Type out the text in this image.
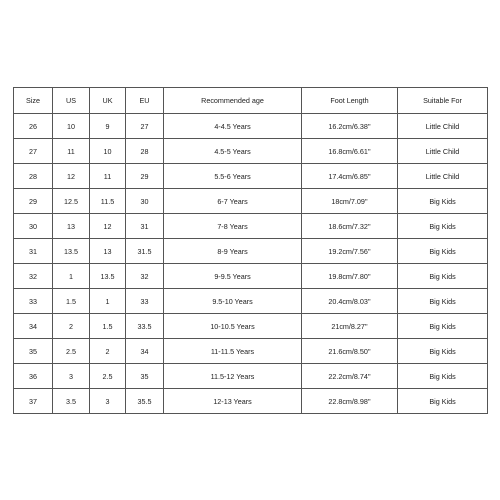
Size	US	UK	EU	Recommended age	Foot Length	Suitable For
26	10	9	27	4-4.5 Years	16.2cm/6.38''	Little Child
27	11	10	28	4.5-5 Years	16.8cm/6.61''	Little Child
28	12	11	29	5.5-6 Years	17.4cm/6.85''	Little Child
29	12.5	11.5	30	6-7 Years	18cm/7.09''	Big Kids
30	13	12	31	7-8 Years	18.6cm/7.32''	Big Kids
31	13.5	13	31.5	8-9 Years	19.2cm/7.56''	Big Kids
32	1	13.5	32	9-9.5 Years	19.8cm/7.80''	Big Kids
33	1.5	1	33	9.5-10 Years	20.4cm/8.03''	Big Kids
34	2	1.5	33.5	10-10.5 Years	21cm/8.27''	Big Kids
35	2.5	2	34	11-11.5 Years	21.6cm/8.50''	Big Kids
36	3	2.5	35	11.5-12 Years	22.2cm/8.74''	Big Kids
37	3.5	3	35.5	12-13 Years	22.8cm/8.98''	Big Kids
